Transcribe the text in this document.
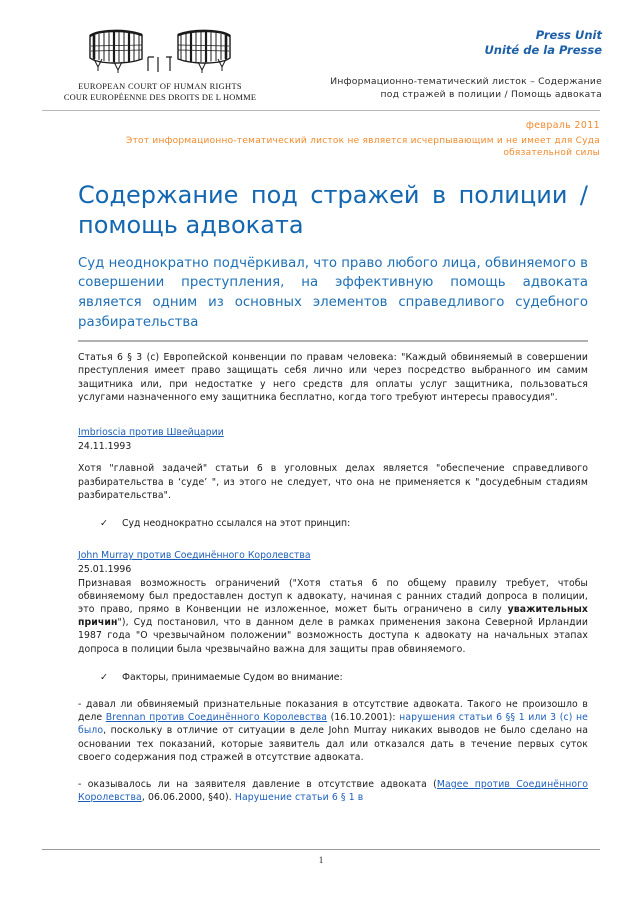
EUROPEAN COURT OF HUMAN RIGHTS
COUR EUROPÉENNE DES DROITS DE L HOMME
Press Unit
Unité de la Presse
Информационно-тематический листок – Содержание под стражей в полиции / Помощь адвоката
февраль 2011
Этот информационно-тематический листок не является исчерпывающим и не имеет для Суда обязательной силы
Содержание под стражей в полиции / помощь адвоката
Суд неоднократно подчёркивал, что право любого лица, обвиняемого в совершении преступления, на эффективную помощь адвоката является одним из основных элементов справедливого судебного разбирательства

Статья 6 § 3 (с) Европейской конвенции по правам человека: "Каждый обвиняемый в совершении преступления имеет право защищать себя лично или через посредство выбранного им самим защитника или, при недостатке у него средств для оплаты услуг защитника, пользоваться услугами назначенного ему защитника бесплатно, когда того требуют интересы правосудия".

Imbrioscia против Швейцарии
24.11.1993

Хотя "главной задачей" статьи 6 в уголовных делах является "обеспечение справедливого разбирательства в ‘суде’ ", из этого не следует, что она не применяется к "досудебным стадиям разбирательства".

✓	Суд неоднократно ссылался на этот принцип:
John Murray против Соединённого Королевства
25.01.1996

Признавая возможность ограничений ("Хотя статья 6 по общему правилу требует, чтобы обвиняемому был предоставлен доступ к адвокату, начиная с ранних стадий допроса в полиции, это право, прямо в Конвенции не изложенное, может быть ограничено в силу уважительных причин"), Суд постановил, что в данном деле в рамках применения закона Северной Ирландии 1987 года "О чрезвычайном положении" возможность доступа к адвокату на начальных этапах допроса в полиции была чрезвычайно важна для защиты прав обвиняемого.

✓	Факторы, принимаемые Судом во внимание:

- давал ли обвиняемый признательные показания в отсутствие адвоката. Такого не произошло в деле Brennan против Соединённого Королевства (16.10.2001): нарушения статьи 6 §§ 1 или 3 (с) не было, поскольку в отличие от ситуации в деле John Murray никаких выводов не было сделано на основании тех показаний, которые заявитель дал или отказался дать в течение первых суток своего содержания под стражей в отсутствие адвоката.

- оказывалось ли на заявителя давление в отсутствие адвоката (Magee против Соединённого Королевства, 06.06.2000, §40). Нарушение статьи 6 § 1 в

1
